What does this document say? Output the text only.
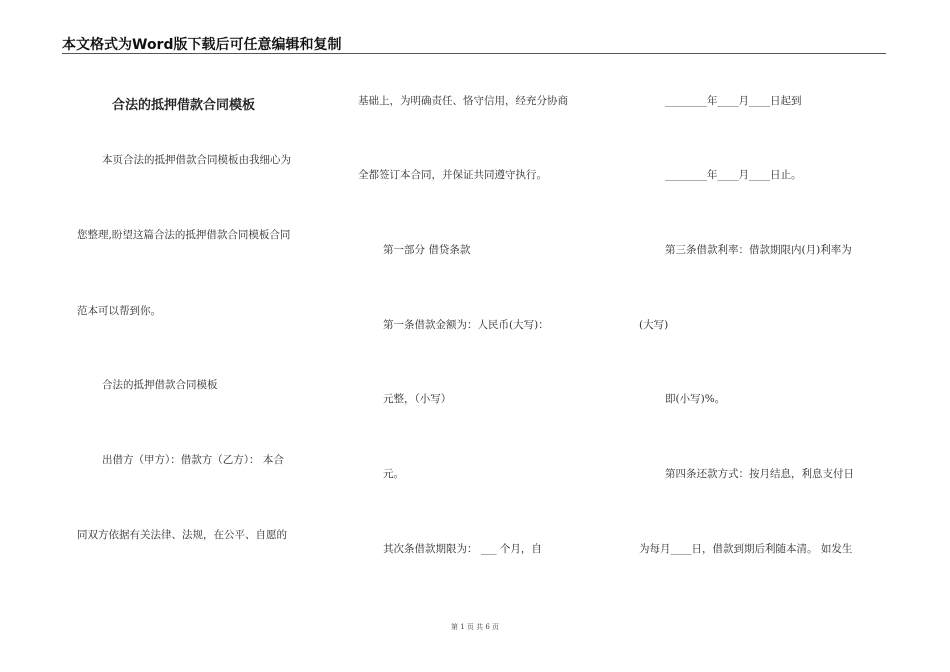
本文格式为Word版下载后可任意编辑和复制
合法的抵押借款合同模板
本页合法的抵押借款合同模板由我细心为
您整理,盼望这篇合法的抵押借款合同模板合同
范本可以帮到你。
合法的抵押借款合同模板
出借方（甲方）：借款方（乙方）： 本合
同双方依据有关法律、法规，在公平、自愿的
基础上，为明确责任、恪守信用，经充分协商
全都签订本合同，并保证共同遵守执行。
第一部分 借贷条款
第一条借款金额为：人民币(大写)：
元整，（小写）
元。
其次条借款期限为： ___ 个月，自
________年____月____日起到
________年____月____日止。
第三条借款利率：借款期限内(月)利率为
(大写)
即(小写)%。
第四条还款方式：按月结息，利息支付日
为每月____日，借款到期后利随本清。 如发生
第 1 页 共 6 页
